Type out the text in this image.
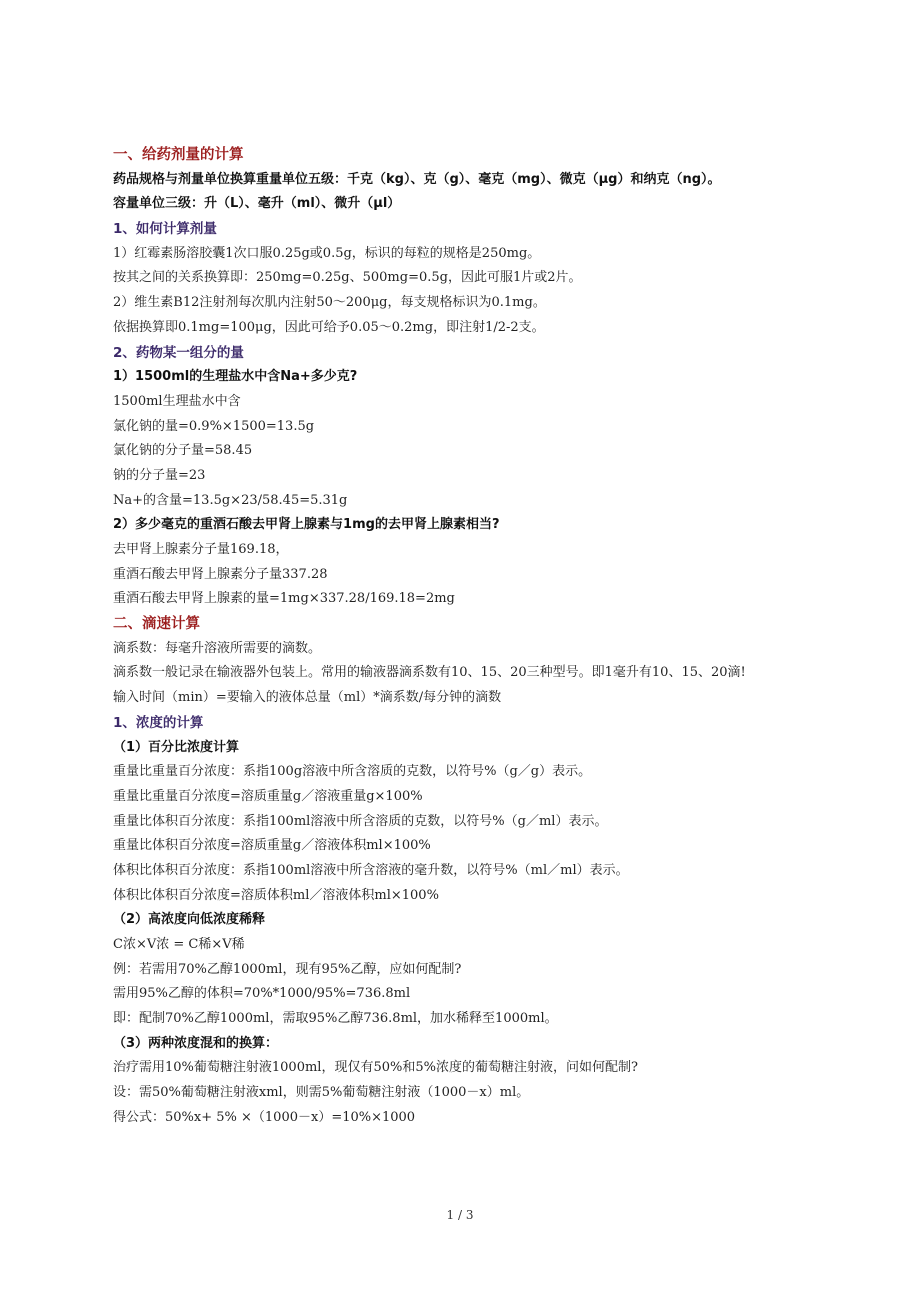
一、给药剂量的计算
药品规格与剂量单位换算重量单位五级：千克（kg）、克（g）、毫克（mg）、微克（μg）和纳克（ng）。
容量单位三级：升（L）、毫升（ml）、微升（μl）
1、如何计算剂量
1）红霉素肠溶胶囊1次口服0.25g或0.5g，标识的每粒的规格是250mg。
按其之间的关系换算即：250mg=0.25g、500mg=0.5g，因此可服1片或2片。
2）维生素B12注射剂每次肌内注射50～200μg，每支规格标识为0.1mg。
依据换算即0.1mg=100μg，因此可给予0.05～0.2mg，即注射1/2-2支。
2、药物某一组分的量
1）1500ml的生理盐水中含Na+多少克?
1500ml生理盐水中含
氯化钠的量=0.9%×1500=13.5g
氯化钠的分子量=58.45
钠的分子量=23
Na+的含量=13.5g×23/58.45=5.31g
2）多少毫克的重酒石酸去甲肾上腺素与1mg的去甲肾上腺素相当?
去甲肾上腺素分子量169.18，
重酒石酸去甲肾上腺素分子量337.28
重酒石酸去甲肾上腺素的量=1mg×337.28/169.18=2mg
二、滴速计算
滴系数：每毫升溶液所需要的滴数。
滴系数一般记录在输液器外包装上。常用的输液器滴系数有10、15、20三种型号。即1毫升有10、15、20滴!
输入时间（min）=要输入的液体总量（ml）*滴系数/每分钟的滴数
1、浓度的计算
（1）百分比浓度计算
重量比重量百分浓度：系指100g溶液中所含溶质的克数，以符号%（g／g）表示。
重量比重量百分浓度=溶质重量g／溶液重量g×100%
重量比体积百分浓度：系指100ml溶液中所含溶质的克数，以符号%（g／ml）表示。
重量比体积百分浓度=溶质重量g／溶液体积ml×100%
体积比体积百分浓度：系指100ml溶液中所含溶液的毫升数，以符号%（ml／ml）表示。
体积比体积百分浓度=溶质体积ml／溶液体积ml×100%
（2）高浓度向低浓度稀释
C浓×V浓 = C稀×V稀
例：若需用70%乙醇1000ml，现有95%乙醇，应如何配制?
需用95%乙醇的体积=70%*1000/95%=736.8ml
即：配制70%乙醇1000ml，需取95%乙醇736.8ml，加水稀释至1000ml。
（3）两种浓度混和的换算：
治疗需用10%葡萄糖注射液1000ml，现仅有50%和5%浓度的葡萄糖注射液，问如何配制?
设：需50%葡萄糖注射液xml，则需5%葡萄糖注射液（1000－x）ml。
得公式：50%x+ 5% ×（1000－x）=10%×1000
1 / 3
